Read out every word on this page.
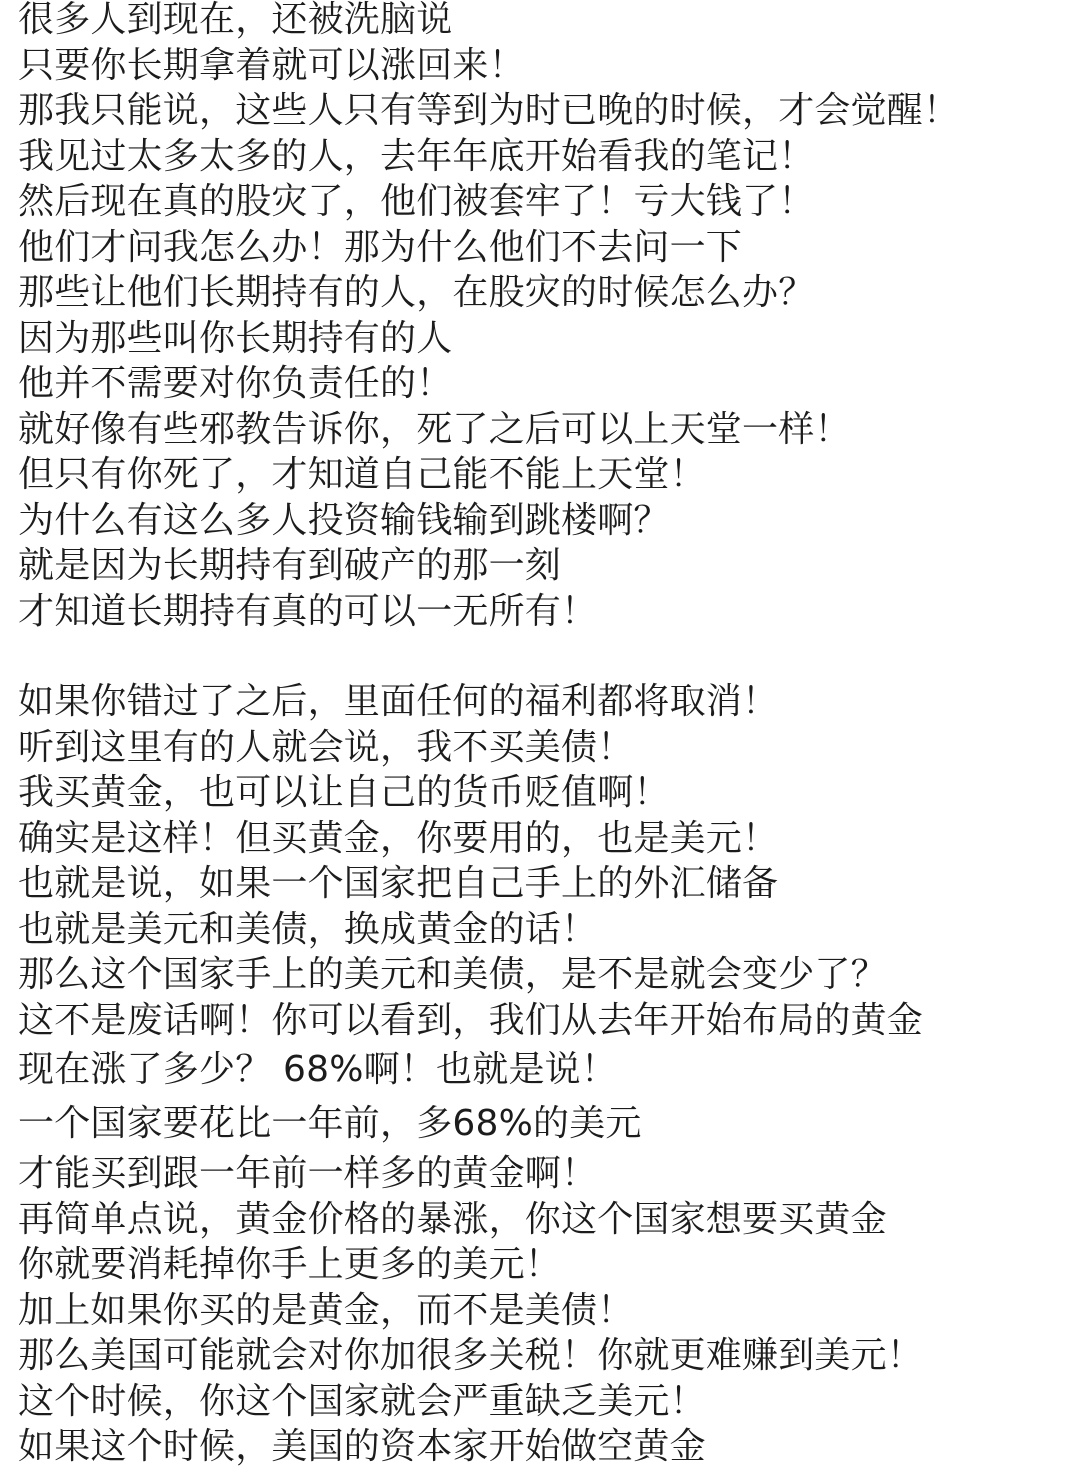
很多人到现在，还被洗脑说
只要你长期拿着就可以涨回来！
那我只能说，这些人只有等到为时已晚的时候，才会觉醒！
我见过太多太多的人，去年年底开始看我的笔记！
然后现在真的股灾了，他们被套牢了！亏大钱了！
他们才问我怎么办！那为什么他们不去问一下
那些让他们长期持有的人，在股灾的时候怎么办？
因为那些叫你长期持有的人
他并不需要对你负责任的！
就好像有些邪教告诉你，死了之后可以上天堂一样！
但只有你死了，才知道自己能不能上天堂！
为什么有这么多人投资输钱输到跳楼啊？
就是因为长期持有到破产的那一刻
才知道长期持有真的可以一无所有！
如果你错过了之后，里面任何的福利都将取消！
听到这里有的人就会说，我不买美债！
我买黄金，也可以让自己的货币贬值啊！
确实是这样！但买黄金，你要用的，也是美元！
也就是说，如果一个国家把自己手上的外汇储备
也就是美元和美债，换成黄金的话！
那么这个国家手上的美元和美债，是不是就会变少了？
这不是废话啊！你可以看到，我们从去年开始布局的黄金
现在涨了多少？ 68%啊！也就是说！
一个国家要花比一年前，多68%的美元
才能买到跟一年前一样多的黄金啊！
再简单点说，黄金价格的暴涨，你这个国家想要买黄金
你就要消耗掉你手上更多的美元！
加上如果你买的是黄金，而不是美债！
那么美国可能就会对你加很多关税！你就更难赚到美元！
这个时候，你这个国家就会严重缺乏美元！
如果这个时候，美国的资本家开始做空黄金
